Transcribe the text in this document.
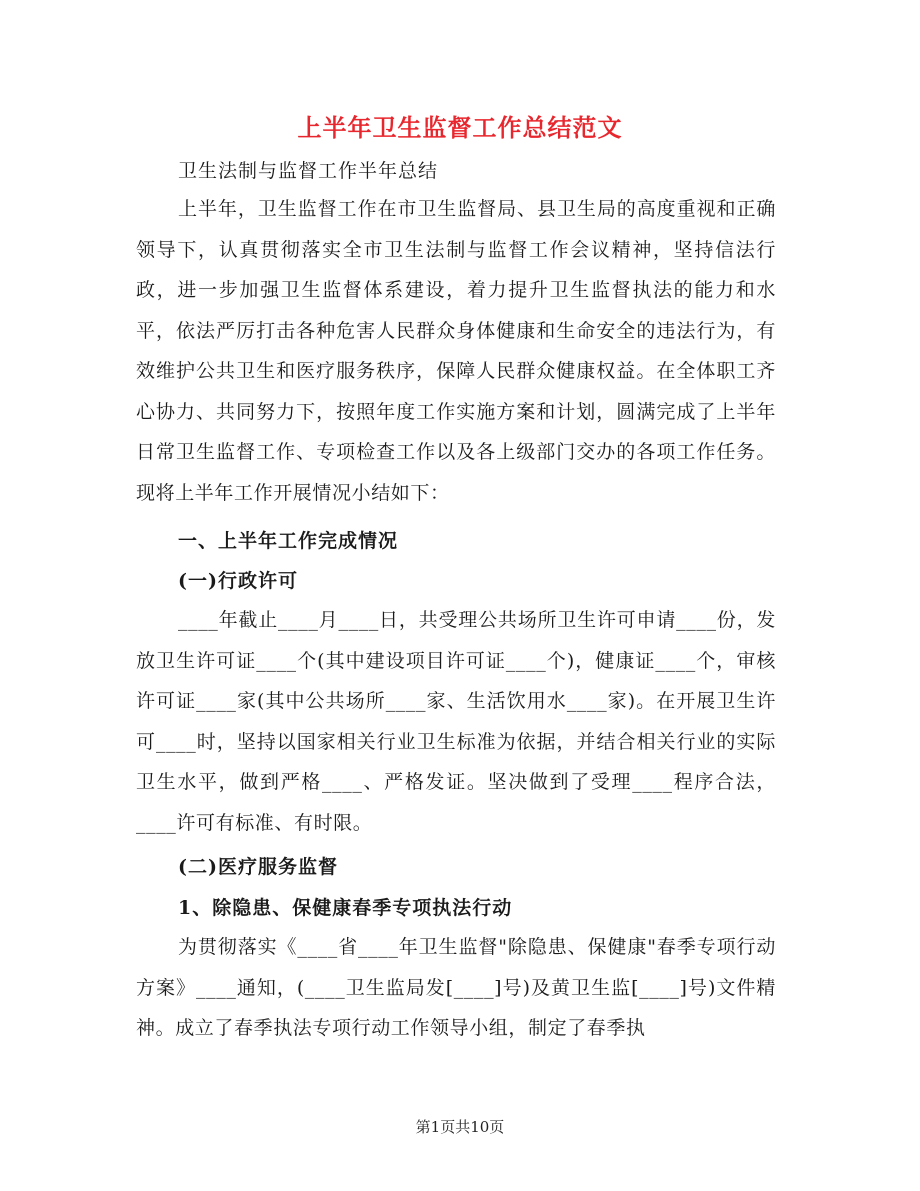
上半年卫生监督工作总结范文
卫生法制与监督工作半年总结
上半年，卫生监督工作在市卫生监督局、县卫生局的高度重视和正确领导下，认真贯彻落实全市卫生法制与监督工作会议精神，坚持信法行政，进一步加强卫生监督体系建设，着力提升卫生监督执法的能力和水平，依法严厉打击各种危害人民群众身体健康和生命安全的违法行为，有效维护公共卫生和医疗服务秩序，保障人民群众健康权益。在全体职工齐心协力、共同努力下，按照年度工作实施方案和计划，圆满完成了上半年日常卫生监督工作、专项检查工作以及各上级部门交办的各项工作任务。现将上半年工作开展情况小结如下：
一、上半年工作完成情况
(一)行政许可
____年截止____月____日，共受理公共场所卫生许可申请____份，发放卫生许可证____个(其中建设项目许可证____个)，健康证____个，审核许可证____家(其中公共场所____家、生活饮用水____家)。在开展卫生许可____时，坚持以国家相关行业卫生标准为依据，并结合相关行业的实际卫生水平，做到严格____、严格发证。坚决做到了受理____程序合法，____许可有标准、有时限。
(二)医疗服务监督
1、除隐患、保健康春季专项执法行动
为贯彻落实《____省____年卫生监督"除隐患、保健康"春季专项行动方案》____通知，(____卫生监局发[____]号)及黄卫生监[____]号)文件精神。成立了春季执法专项行动工作领导小组，制定了春季执
第1页共10页
